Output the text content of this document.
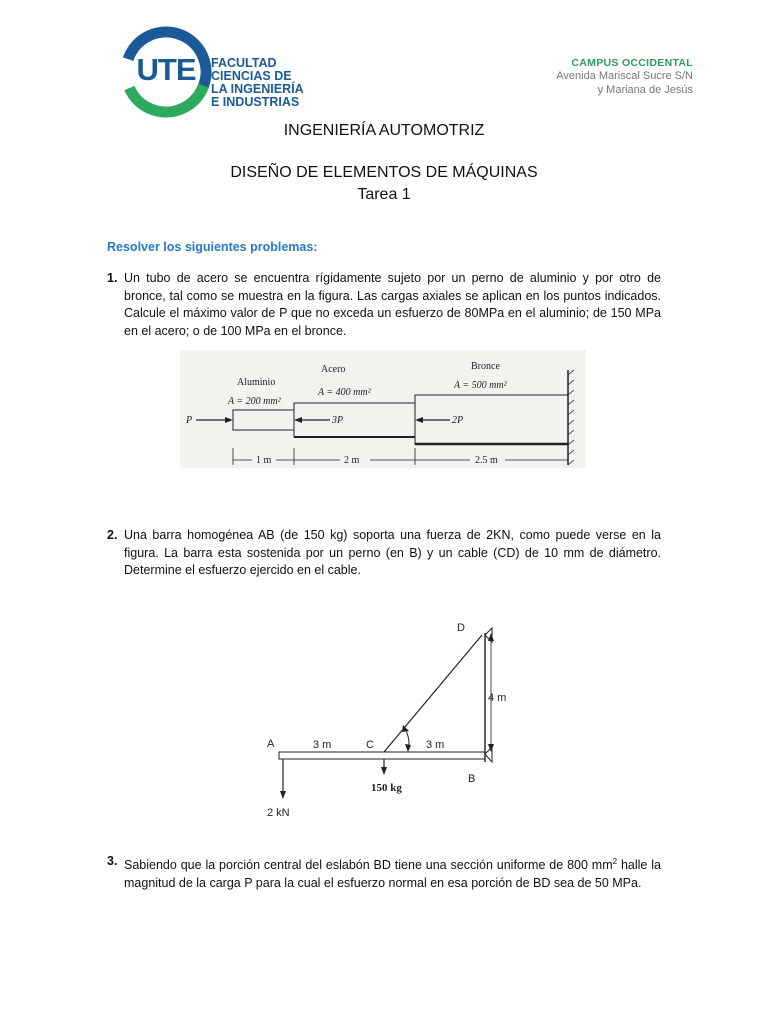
UTE	FACULTAD
CIENCIAS DE
LA INGENIERÍA
E INDUSTRIAS
CAMPUS OCCIDENTAL
Avenida Mariscal Sucre S/N
y Mariana de Jesús
INGENIERÍA AUTOMOTRIZ
DISEÑO DE ELEMENTOS DE MÁQUINAS
Tarea 1
Resolver los siguientes problemas:
1. Un tubo de acero se encuentra rígidamente sujeto por un perno de aluminio y por otro de bronce, tal como se muestra en la figura. Las cargas axiales se aplican en los puntos indicados. Calcule el máximo valor de P que no exceda un esfuerzo de 80MPa en el aluminio; de 150 MPa en el acero; o de 100 MPa en el bronce.
P	3P	2P
Aluminio
A = 200 mm²
Acero
A = 400 mm²
Bronce
A = 500 mm²
1 m	2 m	2.5 m
2. Una barra homogénea AB (de 150 kg) soporta una fuerza de 2KN, como puede verse en la figura. La barra esta sostenida por un perno (en B) y un cable (CD) de 10 mm de diámetro. Determine el esfuerzo ejercido en el cable.
4 m
A	3 m	C	3 m
D
B
2 kN
150 kg
3. Sabiendo que la porción central del eslabón BD tiene una sección uniforme de 800 $mm^2$ halle la magnitud de la carga P para la cual el esfuerzo normal en esa porción de BD sea de 50 MPa.
